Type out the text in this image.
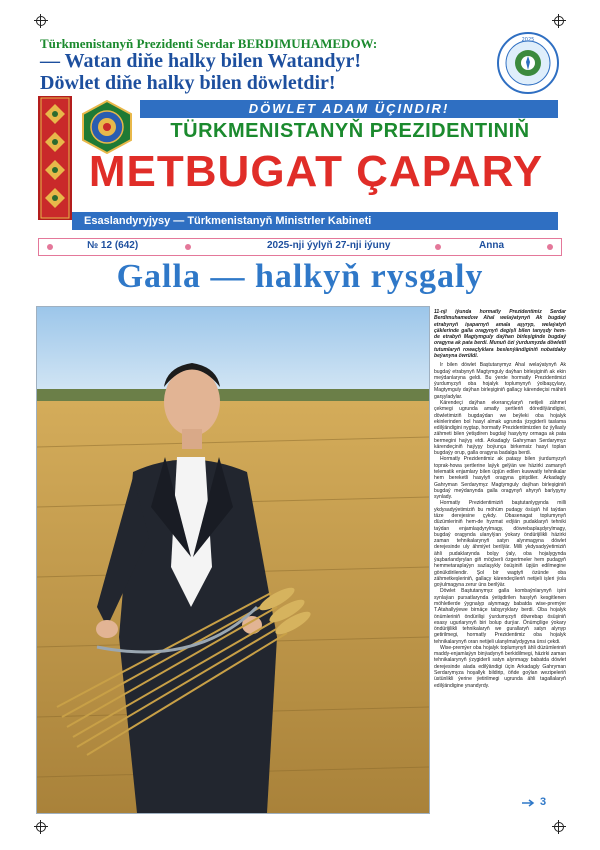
Türkmenistanyň Prezidenti Serdar BERDIMUHAMEDOW:
— Watan diňe halky bilen Watandyr!
Döwlet diňe halky bilen döwletdir!
2025
DÖWLET ADAM ÜÇINDIR!
TÜRKMENISTANYŇ PREZIDENTINIŇ
METBUGAT ÇAPARY
Esaslandyryjysy — Türkmenistanyň Ministrler Kabineti
№ 12 (642)	2025-nji ýylyň 27-nji iýuny	Anna
Galla — halkyň rysgaly
11-nji iýunda hormatly Prezidentimiz Serdar Berdimuhamedow Ahal welaýatynyň Ak bugdaý etrabynyň işaparnyň amala aşyryp, welaýatyň çäklerinde galla oragynyň degişli bilen tanyşdy hem-de etrabyň Magtymguly daýhan birleşiginde bugdaý oragyna ak pata berdi. Munuň özi ýurdumyzda döwletli tutumlaryň rowaçlyklara beslenýändiginiň nobatdaky beýanyna öwrüldi.

Ir bilen döwlet Baştutanymyz Ahal welaýatynyň Ak bugdaý etrabynyň Magtymguly daýhan birleşiginiň ak ekin meýdanlaryna geldi. Bu ýerde hormatly Prezidentimizi ýurdumyzyň oba hojalyk toplumynyň ýolbaşçylary, Magtymguly daýhan birleşiginiň gallaçy kärendeçisi mähirli garşyladylar.

Kärendeçi daýhan ekerançylaryň netijeli zähmet çekmegi ugrunda amatly şertleriň döredilýändigini, döwletimiziň bugdaýdan we beýleki oba hojalyk ekinlerinden bol hasyl almak ugrunda ýzygiderli taslama edilýändigini nygtap, hormatly Prezidentimizden öz ýyllasly zähmeti bilen ýetişdiren bugdaý hasylyny ormaga ak pata bermegini haýyş etdi. Arkadagly Gahryman Serdarymyz kärendeçiniň haýyşy boýunça birkemsiz hasyl toplan bugdaýy orup, galla oragyna badalga berdi.

Hormatly Prezidentimiz ak pataşy bilen ýurdumyzyň toprak-howa şertlerine laýyk gelýän we häzirki zamanyň telematik enjamlary bilen üpjün edilen kuwwatly tehnikalar hem bereketli hasylyň oragyna girişdiler. Arkadagly Gahryman Serdarymyz Magtymguly daýhan birleşiginiň bugdaý meýdanynda galla oragynyň ahyryň barlyşyny synlady.

Hormatly Prezidentimiziň baştutanlygynda milli ykdysadyýetimiziň bu möhüm pudagy ösüşiň hil taýdan täze derejesine çykdy. Obasenagat toplumynyň düzümleriniň hem-de hyzmat edýän pudaklaryň tehniki taýdan enjamlaşdyrylmagy, döwrebaplaşdyrylmagy, bugdaý oragynda ulanylýan ýokary öndürijilikli häzirki zaman tehnikalarynyň satyn alynmagyna döwlet derejesinde uly ähmiýet berilýär. Milli ykdysadyýetimiziň ähli pudaklarynda bolşy ýaly, oba hojalygynda ýaşbarlandyrylan giň möçberli özgertmeler hem pudagyň hemmetaraplaýyn sazlaşykly ösüşiniň üpjün edilmegine gönükdirilendir. Şol bir wagtyň özünde oba zähmetkeşleriniň, gallaçy kärendeçileriň netijeli işleri ýola goýulmagyna zerur üns berilýär.

Döwlet Baştutanymyz galla kombaýnlarynyň işini synlaýan pursatlarynda ýetişdirilen hasylyň kesgitlenen möhletlerde ýygnalyp alynmagy babatda wise-premýer T.Atahallyýewe birnäçe tabşyryklary berdi. Oba hojalyk önümleriniň öndürilişi ýurdumyzyň döwrebap ösüşiniň esasy ugurlarynyň biri bolup durýar. Önümçilige ýokary öndürijilikli tehnikalaryň we gurallaryň satyn alynyp getirilmegi, hormatly Prezidentimiz oba hojalyk tehnikalarynyň oran netijeli ulanylmalydygyna ünsi çekdi.

Wise-premýer oba hojalyk toplumynyň ähli düzümleriniň maddy-enjamlaýyn binýadynyň berkidilmegi, häzirki zaman tehnikalarynyň ýzygiderli satyn alynmagy babatda döwlet derejesinde alada edilýändigi üçin Arkadagly Gahryman Serdarymyza hoşallyk bildirip, öňde goýlan wezipeleriň üstünlikli ýerine ýetirilmegi ugrunda ähli tagallalaryň edilýändigine ynandyrdy.

3
